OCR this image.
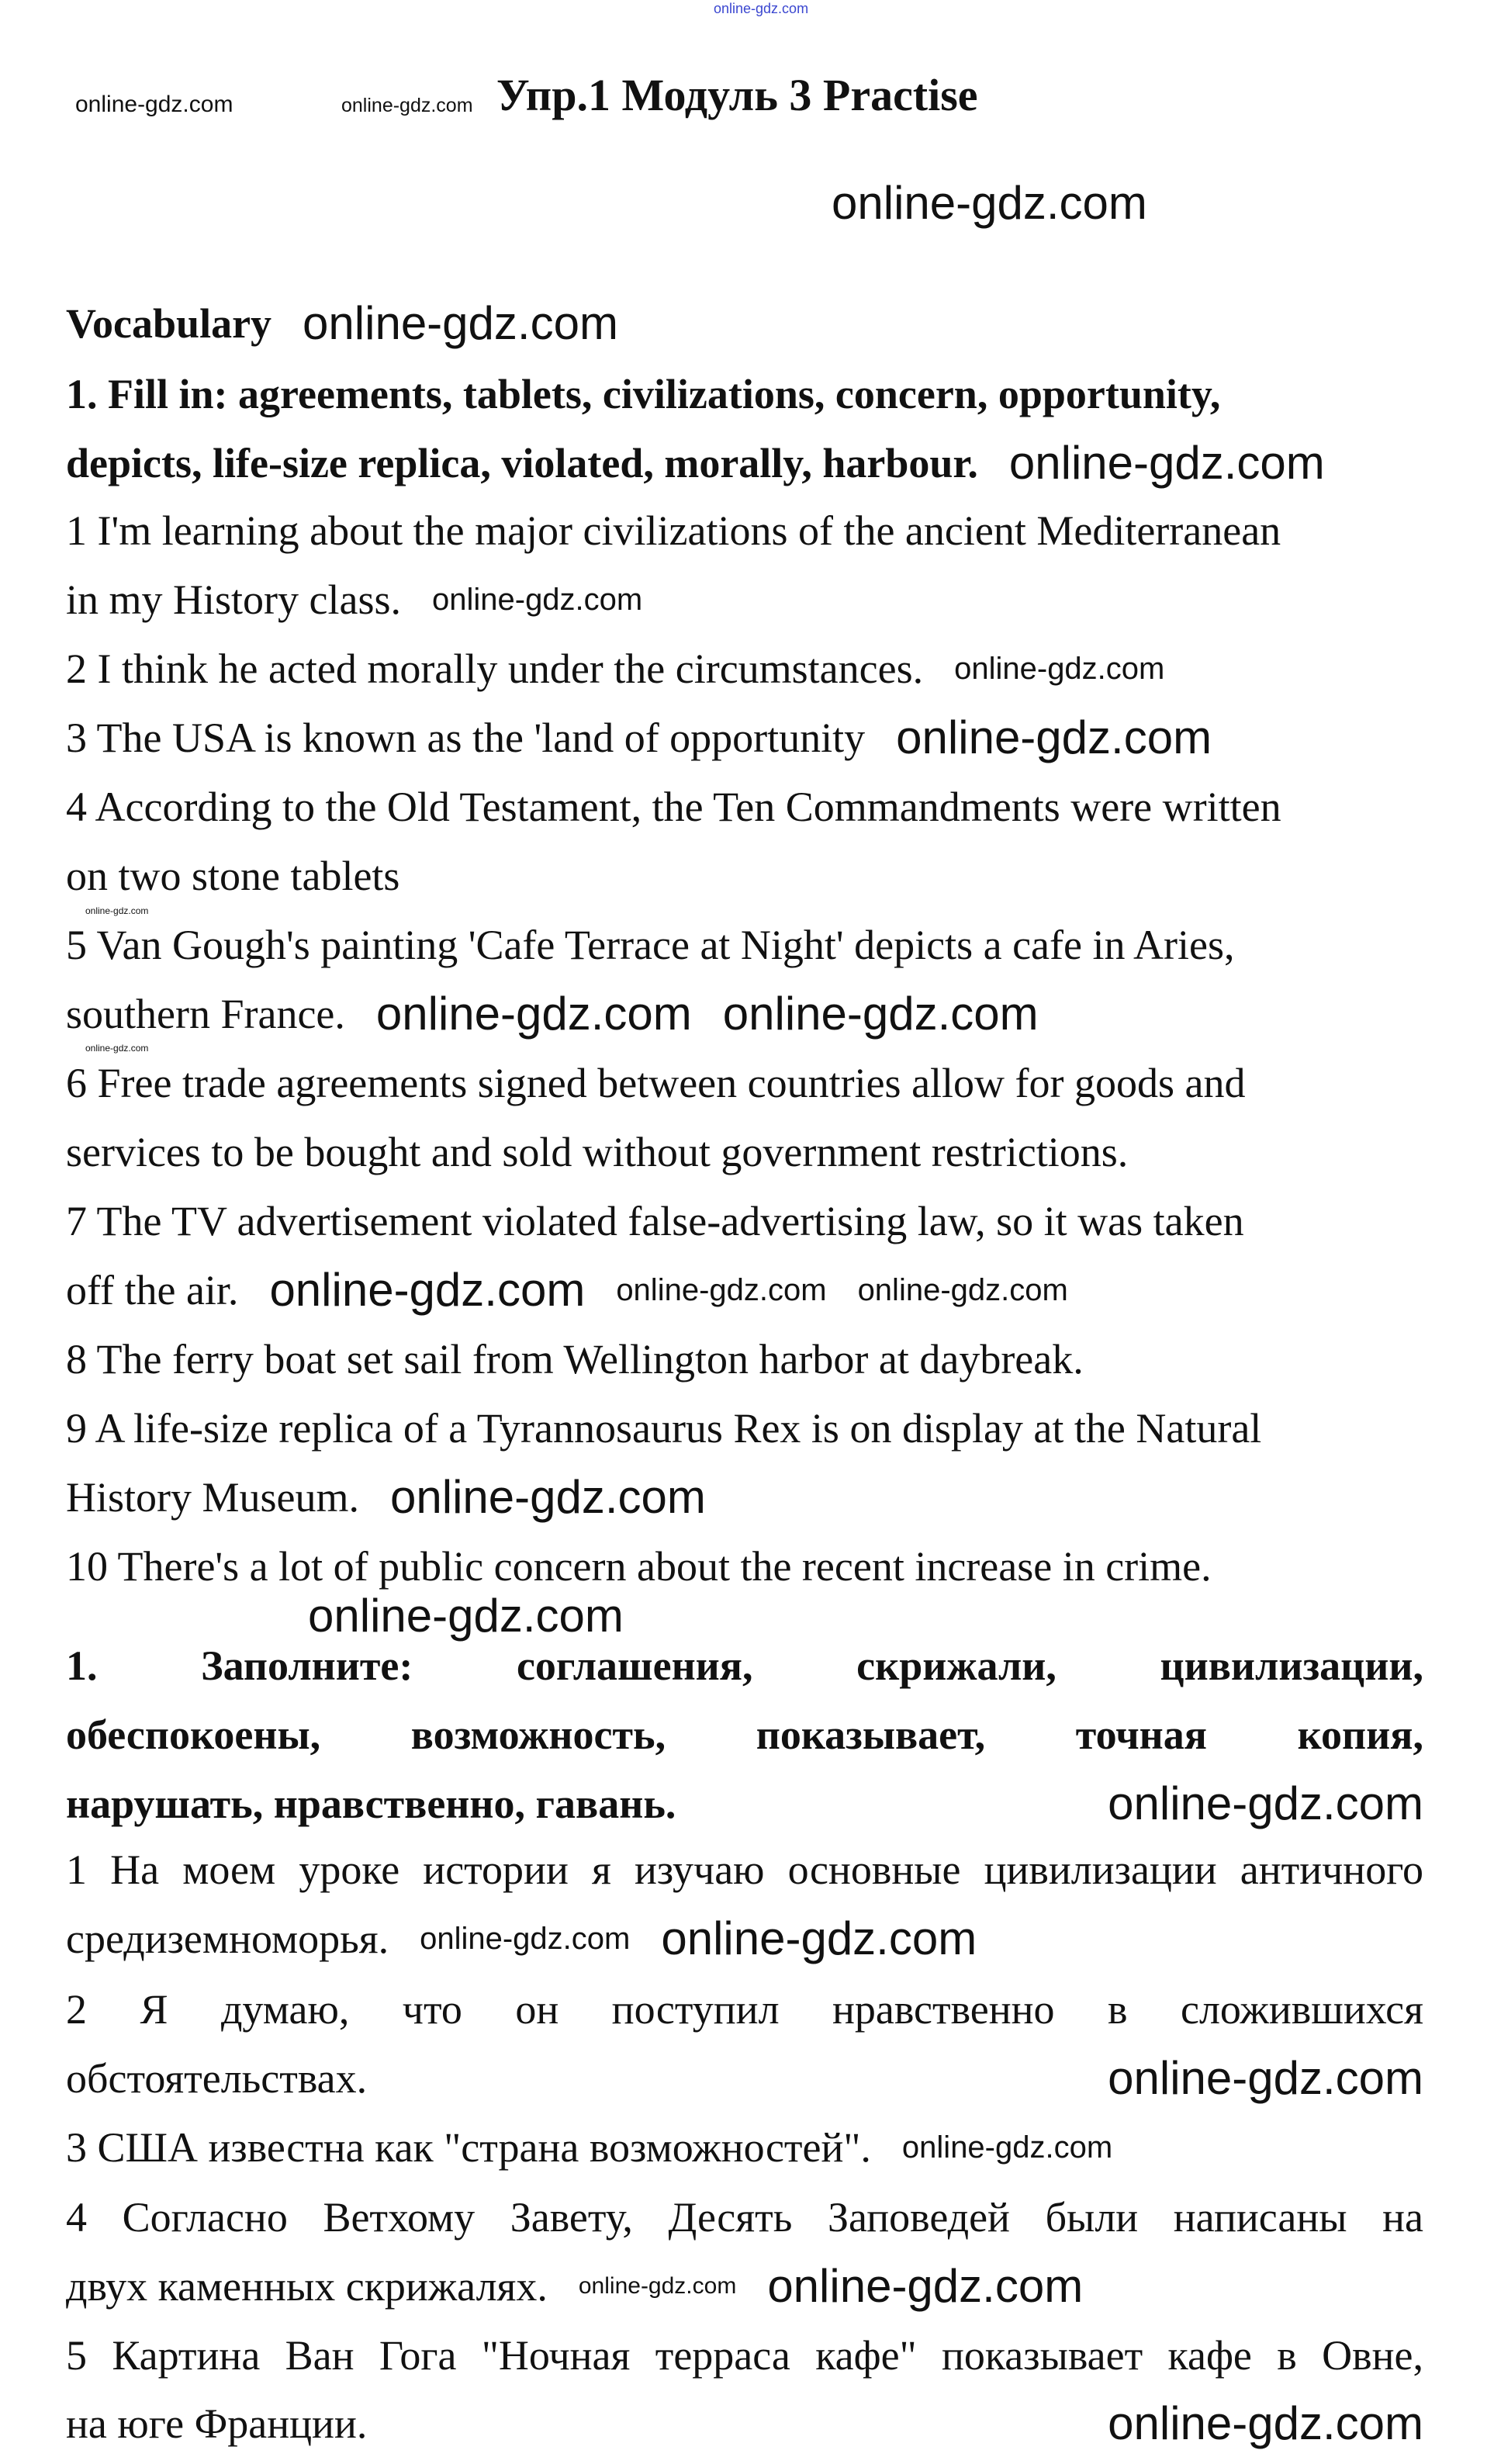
online-gdz.com
online-gdz.com	online-gdz.com Упр.1 Модуль 3 Practise
online-gdz.com
Vocabulary online-gdz.com
1. Fill in: agreements, tablets, civilizations, concern, opportunity,
depicts, life-size replica, violated, morally, harbour. online-gdz.com
1 I'm learning about the major civilizations of the ancient Mediterranean
in my History class. online-gdz.com
2 I think he acted morally under the circumstances. online-gdz.com
3 The USA is known as the 'land of opportunity online-gdz.com
4 According to the Old Testament, the Ten Commandments were written
on two stone tablets
online-gdz.com
5 Van Gough's painting 'Cafe Terrace at Night' depicts a cafe in Aries,
southern France. online-gdz.com online-gdz.com
online-gdz.com
6 Free trade agreements signed between countries allow for goods and
services to be bought and sold without government restrictions.
7 The TV advertisement violated false-advertising law, so it was taken
off the air. online-gdz.com online-gdz.com online-gdz.com
8 The ferry boat set sail from Wellington harbor at daybreak.
9 A life-size replica of a Tyrannosaurus Rex is on display at the Natural
History Museum. online-gdz.com
10 There's a lot of public concern about the recent increase in crime.
online-gdz.com
1. Заполните: соглашения, скрижали, цивилизации,
обеспокоены, возможность, показывает, точная копия,
нарушать, нравственно, гавань.	online-gdz.com
1 На моем уроке истории я изучаю основные цивилизации античного
средиземноморья. online-gdz.com online-gdz.com
2 Я думаю, что он поступил нравственно в сложившихся
обстоятельствах.	online-gdz.com
3 США известна как "страна возможностей". online-gdz.com
4 Согласно Ветхому Завету, Десять Заповедей были написаны на
двух каменных скрижалях. online-gdz.com online-gdz.com
5 Картина Ван Гога "Ночная терраса кафе" показывает кафе в Овне,
на юге Франции.	online-gdz.com
